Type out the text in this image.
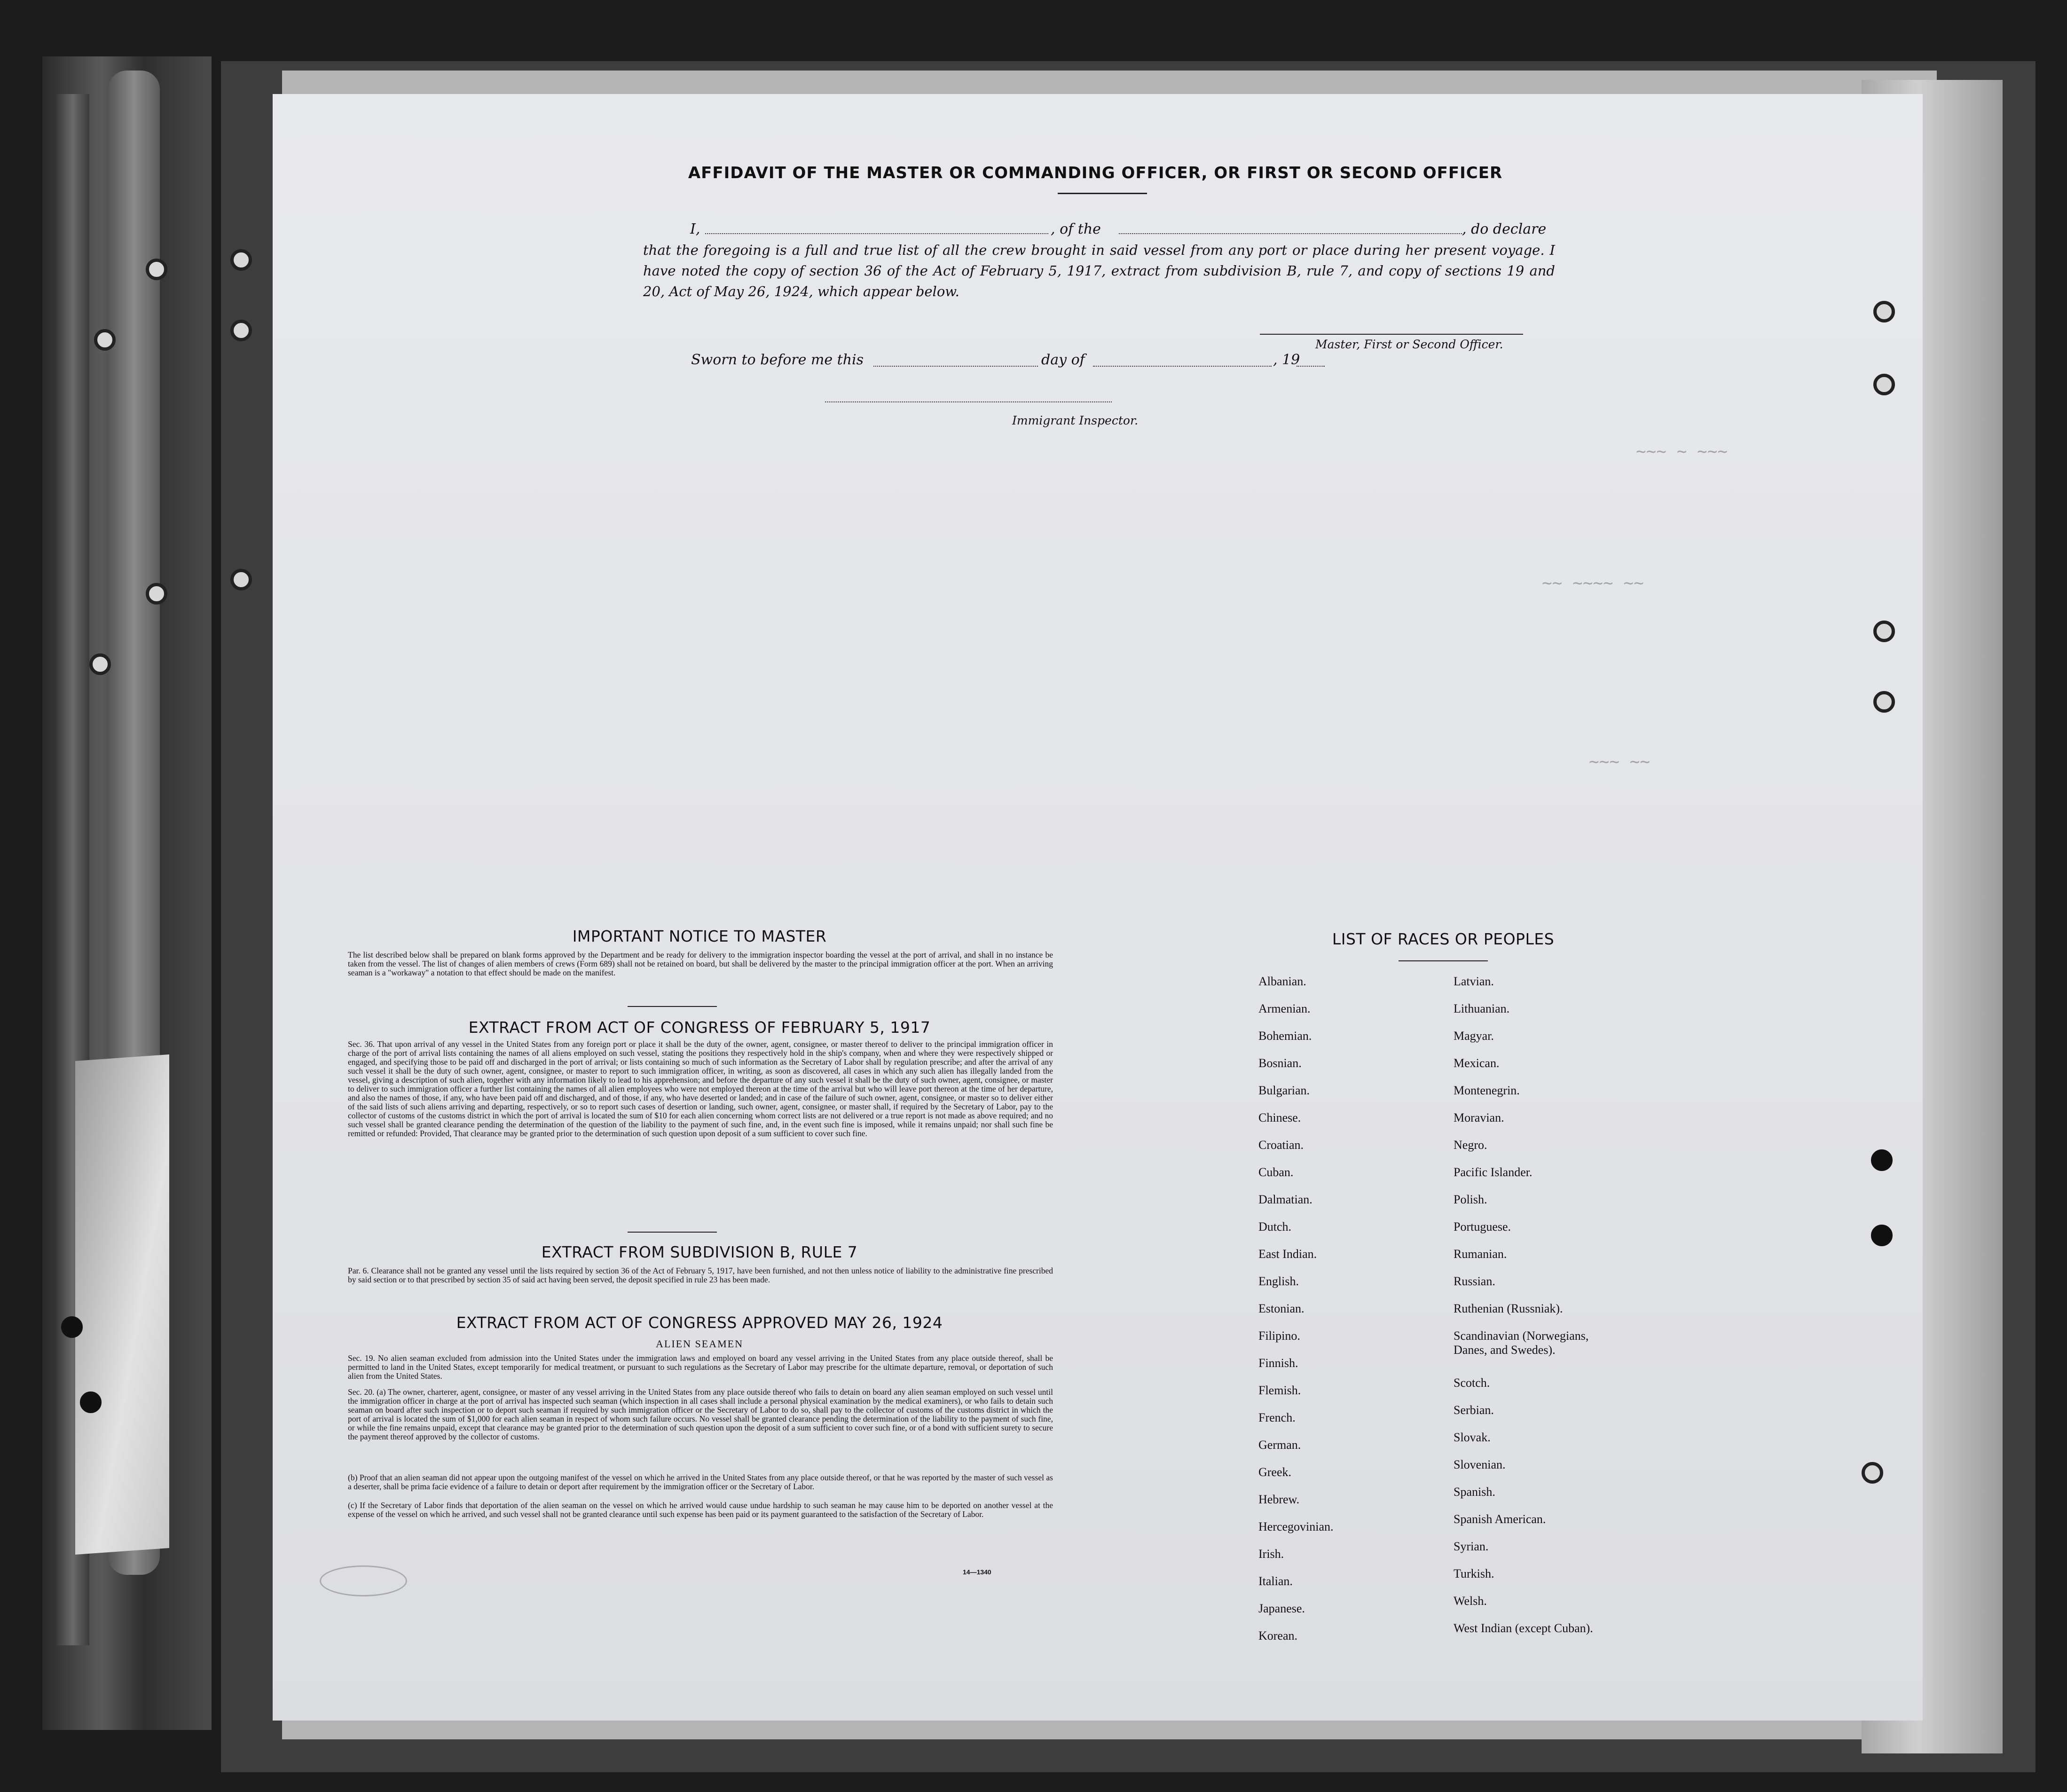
~~~ ~ ~~~
~~ ~~~~ ~~
~~~ ~~
AFFIDAVIT OF THE MASTER OR COMMANDING OFFICER, OR FIRST OR SECOND OFFICER
I,	, of the	, do declare
that the foregoing is a full and true list of all the crew brought in said vessel from any port or place during her present voyage. I have noted the copy of section 36 of the Act of February 5, 1917, extract from subdivision B, rule 7, and copy of sections 19 and 20, Act of May 26, 1924, which appear below.
Master, First or Second Officer.
Sworn to before me this	day of	, 19
Immigrant Inspector.
IMPORTANT NOTICE TO MASTER
The list described below shall be prepared on blank forms approved by the Department and be ready for delivery to the immigration inspector boarding the vessel at the port of arrival, and shall in no instance be taken from the vessel. The list of changes of alien members of crews (Form 689) shall not be retained on board, but shall be delivered by the master to the principal immigration officer at the port. When an arriving seaman is a "workaway" a notation to that effect should be made on the manifest.
EXTRACT FROM ACT OF CONGRESS OF FEBRUARY 5, 1917
Sec. 36. That upon arrival of any vessel in the United States from any foreign port or place it shall be the duty of the owner, agent, consignee, or master thereof to deliver to the principal immigration officer in charge of the port of arrival lists containing the names of all aliens employed on such vessel, stating the positions they respectively hold in the ship's company, when and where they were respectively shipped or engaged, and specifying those to be paid off and discharged in the port of arrival; or lists containing so much of such information as the Secretary of Labor shall by regulation prescribe; and after the arrival of any such vessel it shall be the duty of such owner, agent, consignee, or master to report to such immigration officer, in writing, as soon as discovered, all cases in which any such alien has illegally landed from the vessel, giving a description of such alien, together with any information likely to lead to his apprehension; and before the departure of any such vessel it shall be the duty of such owner, agent, consignee, or master to deliver to such immigration officer a further list containing the names of all alien employees who were not employed thereon at the time of the arrival but who will leave port thereon at the time of her departure, and also the names of those, if any, who have been paid off and discharged, and of those, if any, who have deserted or landed; and in case of the failure of such owner, agent, consignee, or master so to deliver either of the said lists of such aliens arriving and departing, respectively, or so to report such cases of desertion or landing, such owner, agent, consignee, or master shall, if required by the Secretary of Labor, pay to the collector of customs of the customs district in which the port of arrival is located the sum of $10 for each alien concerning whom correct lists are not delivered or a true report is not made as above required; and no such vessel shall be granted clearance pending the determination of the question of the liability to the payment of such fine, and, in the event such fine is imposed, while it remains unpaid; nor shall such fine be remitted or refunded: Provided, That clearance may be granted prior to the determination of such question upon deposit of a sum sufficient to cover such fine.
EXTRACT FROM SUBDIVISION B, RULE 7
Par. 6. Clearance shall not be granted any vessel until the lists required by section 36 of the Act of February 5, 1917, have been furnished, and not then unless notice of liability to the administrative fine prescribed by said section or to that prescribed by section 35 of said act having been served, the deposit specified in rule 23 has been made.
EXTRACT FROM ACT OF CONGRESS APPROVED MAY 26, 1924
ALIEN SEAMEN
Sec. 19. No alien seaman excluded from admission into the United States under the immigration laws and employed on board any vessel arriving in the United States from any place outside thereof, shall be permitted to land in the United States, except temporarily for medical treatment, or pursuant to such regulations as the Secretary of Labor may prescribe for the ultimate departure, removal, or deportation of such alien from the United States.
Sec. 20. (a) The owner, charterer, agent, consignee, or master of any vessel arriving in the United States from any place outside thereof who fails to detain on board any alien seaman employed on such vessel until the immigration officer in charge at the port of arrival has inspected such seaman (which inspection in all cases shall include a personal physical examination by the medical examiners), or who fails to detain such seaman on board after such inspection or to deport such seaman if required by such immigration officer or the Secretary of Labor to do so, shall pay to the collector of customs of the customs district in which the port of arrival is located the sum of $1,000 for each alien seaman in respect of whom such failure occurs. No vessel shall be granted clearance pending the determination of the liability to the payment of such fine, or while the fine remains unpaid, except that clearance may be granted prior to the determination of such question upon the deposit of a sum sufficient to cover such fine, or of a bond with sufficient surety to secure the payment thereof approved by the collector of customs.
(b) Proof that an alien seaman did not appear upon the outgoing manifest of the vessel on which he arrived in the United States from any place outside thereof, or that he was reported by the master of such vessel as a deserter, shall be prima facie evidence of a failure to detain or deport after requirement by the immigration officer or the Secretary of Labor.
(c) If the Secretary of Labor finds that deportation of the alien seaman on the vessel on which he arrived would cause undue hardship to such seaman he may cause him to be deported on another vessel at the expense of the vessel on which he arrived, and such vessel shall not be granted clearance until such expense has been paid or its payment guaranteed to the satisfaction of the Secretary of Labor.
14—1340
LIST OF RACES OR PEOPLES
Albanian.
Armenian.
Bohemian.
Bosnian.
Bulgarian.
Chinese.
Croatian.
Cuban.
Dalmatian.
Dutch.
East Indian.
English.
Estonian.
Filipino.
Finnish.
Flemish.
French.
German.
Greek.
Hebrew.
Hercegovinian.
Irish.
Italian.
Japanese.
Korean.
Latvian.
Lithuanian.
Magyar.
Mexican.
Montenegrin.
Moravian.
Negro.
Pacific Islander.
Polish.
Portuguese.
Rumanian.
Russian.
Ruthenian (Russniak).
Scandinavian (Norwegians, Danes, and Swedes).
Scotch.
Serbian.
Slovak.
Slovenian.
Spanish.
Spanish American.
Syrian.
Turkish.
Welsh.
West Indian (except Cuban).
